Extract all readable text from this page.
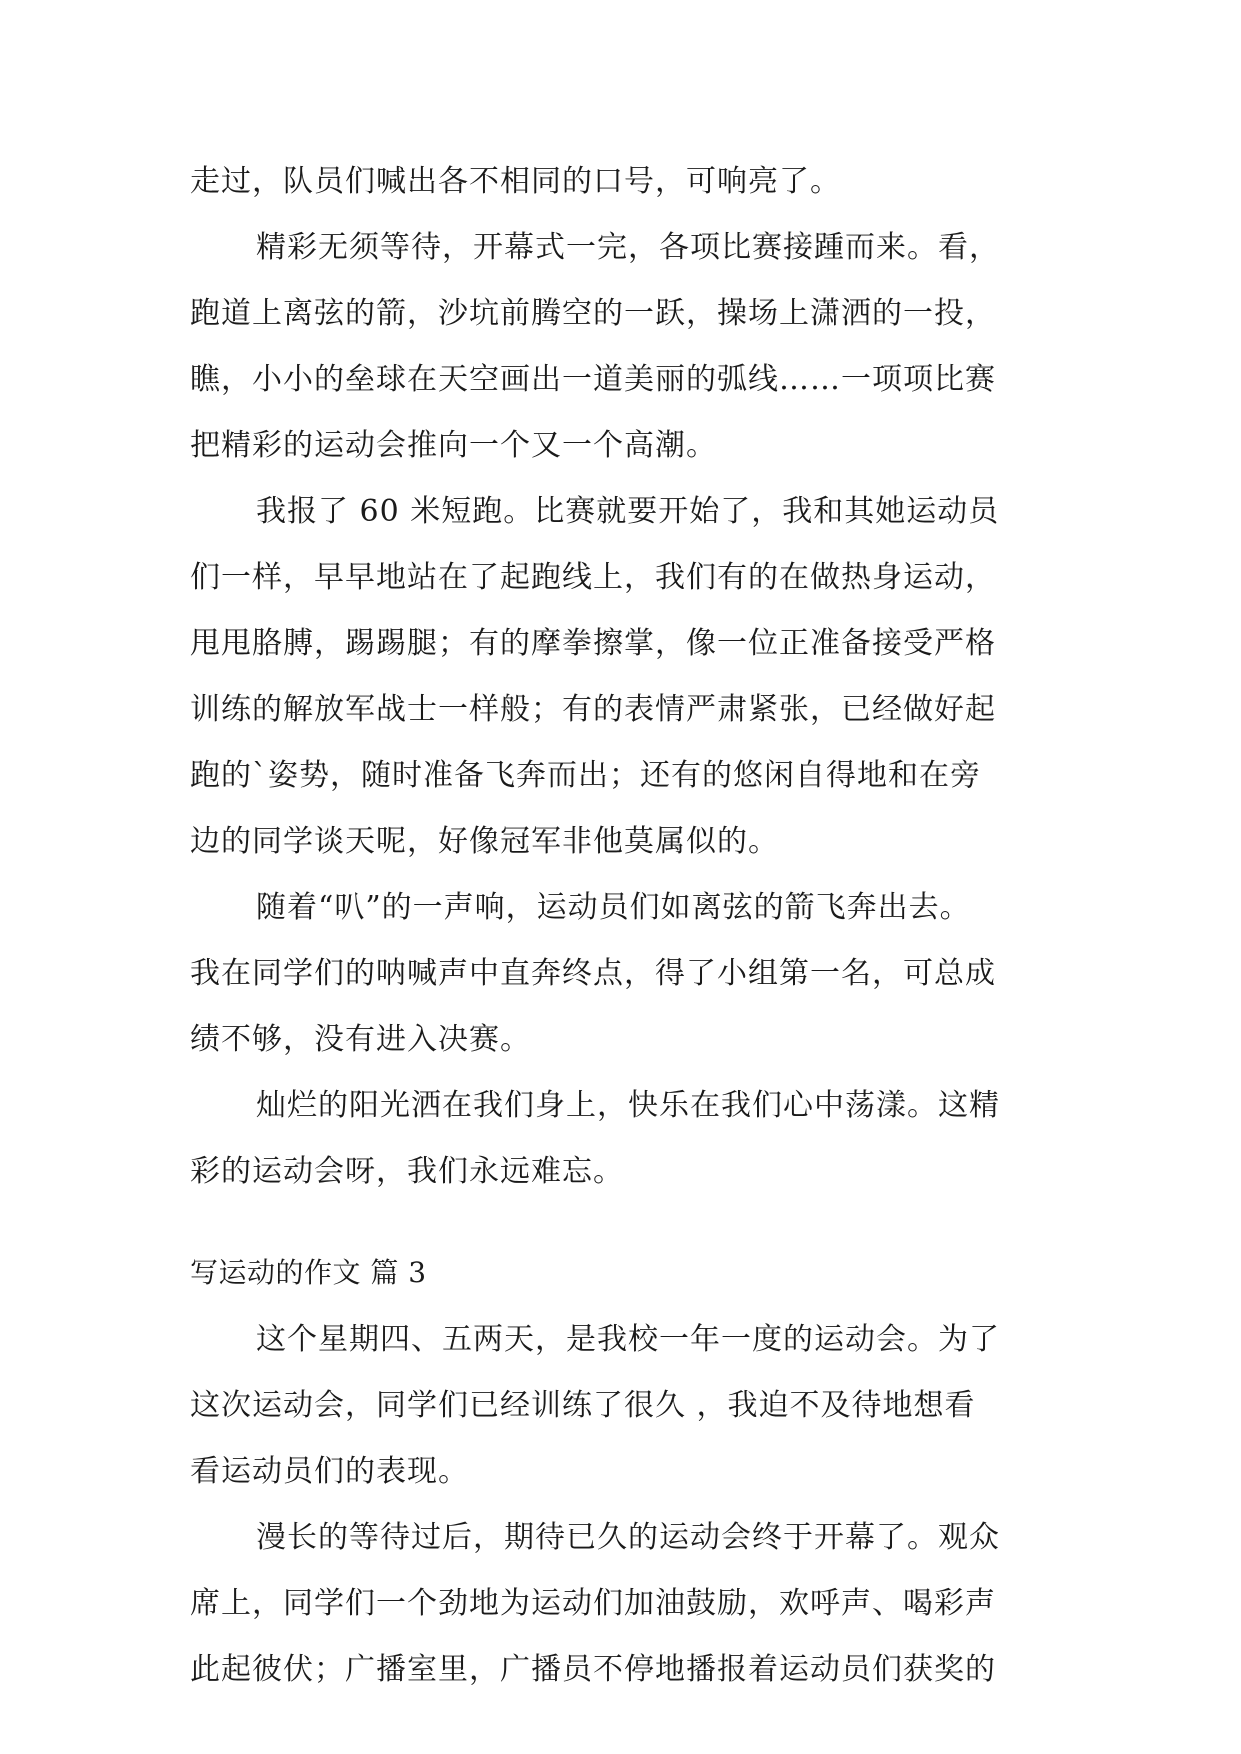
走过，队员们喊出各不相同的口号，可响亮了。
精彩无须等待，开幕式一完，各项比赛接踵而来。看，
跑道上离弦的箭，沙坑前腾空的一跃，操场上潇洒的一投，
瞧，小小的垒球在天空画出一道美丽的弧线……一项项比赛
把精彩的运动会推向一个又一个高潮。
我报了 60 米短跑。比赛就要开始了，我和其她运动员
们一样，早早地站在了起跑线上，我们有的在做热身运动，
甩甩胳膊，踢踢腿；有的摩拳擦掌，像一位正准备接受严格
训练的解放军战士一样般；有的表情严肃紧张，已经做好起
跑的`姿势，随时准备飞奔而出；还有的悠闲自得地和在旁
边的同学谈天呢，好像冠军非他莫属似的。
随着“叭”的一声响，运动员们如离弦的箭飞奔出去。
我在同学们的呐喊声中直奔终点，得了小组第一名，可总成
绩不够，没有进入决赛。
灿烂的阳光洒在我们身上，快乐在我们心中荡漾。这精
彩的运动会呀，我们永远难忘。
写运动的作文 篇 3
这个星期四、五两天，是我校一年一度的运动会。为了
这次运动会，同学们已经训练了很久 ，我迫不及待地想看
看运动员们的表现。
漫长的等待过后，期待已久的运动会终于开幕了。观众
席上，同学们一个劲地为运动们加油鼓励，欢呼声、喝彩声
此起彼伏；广播室里，广播员不停地播报着运动员们获奖的
